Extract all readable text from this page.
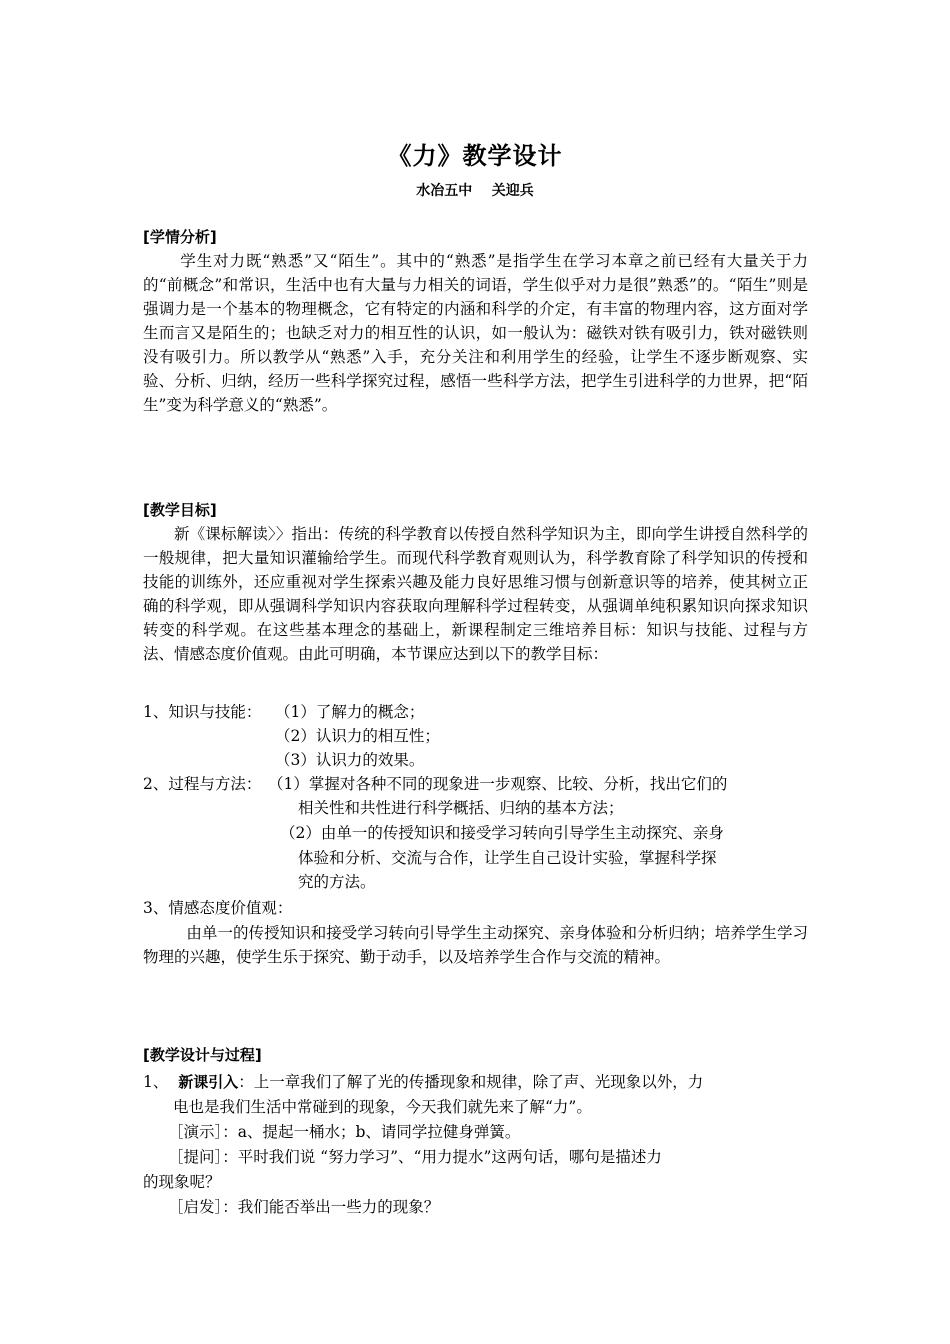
《力》教学设计
水冶五中    关迎兵
[学情分析]
学生对力既“熟悉”又“陌生”。其中的“熟悉”是指学生在学习本章之前已经有大量关于力的“前概念”和常识，生活中也有大量与力相关的词语，学生似乎对力是很”熟悉”的。“陌生”则是强调力是一个基本的物理概念，它有特定的内涵和科学的介定，有丰富的物理内容，这方面对学生而言又是陌生的；也缺乏对力的相互性的认识，如一般认为：磁铁对铁有吸引力，铁对磁铁则没有吸引力。所以教学从“熟悉”入手，充分关注和利用学生的经验，让学生不逐步断观察、实验、分析、归纳，经历一些科学探究过程，感悟一些科学方法，把学生引进科学的力世界，把“陌生”变为科学意义的“熟悉”。
[教学目标]
新《课标解读〉〉指出：传统的科学教育以传授自然科学知识为主，即向学生讲授自然科学的一般规律，把大量知识灌输给学生。而现代科学教育观则认为，科学教育除了科学知识的传授和技能的训练外，还应重视对学生探索兴趣及能力良好思维习惯与创新意识等的培养，使其树立正确的科学观，即从强调科学知识内容获取向理解科学过程转变，从强调单纯积累知识向探求知识转变的科学观。在这些基本理念的基础上，新课程制定三维培养目标：知识与技能、过程与方法、情感态度价值观。由此可明确，本节课应达到以下的教学目标：
1、知识与技能： （1）了解力的概念；
（2）认识力的相互性；
（3）认识力的效果。
2、过程与方法： （1）掌握对各种不同的现象进一步观察、比较、分析，找出它们的
相关性和共性进行科学概括、归纳的基本方法；
（2）由单一的传授知识和接受学习转向引导学生主动探究、亲身
体验和分析、交流与合作，让学生自己设计实验，掌握科学探
究的方法。
3、情感态度价值观：
由单一的传授知识和接受学习转向引导学生主动探究、亲身体验和分析归纳；培养学生学习物理的兴趣，使学生乐于探究、勤于动手，以及培养学生合作与交流的精神。
[教学设计与过程]
1、 新课引入：上一章我们了解了光的传播现象和规律，除了声、光现象以外，力
电也是我们生活中常碰到的现象，今天我们就先来了解“力”。
［演示］：a、提起一桶水；b、请同学拉健身弹簧。
［提问］：平时我们说 “努力学习”、“用力提水”这两句话，哪句是描述力
的现象呢？
［启发］：我们能否举出一些力的现象？
